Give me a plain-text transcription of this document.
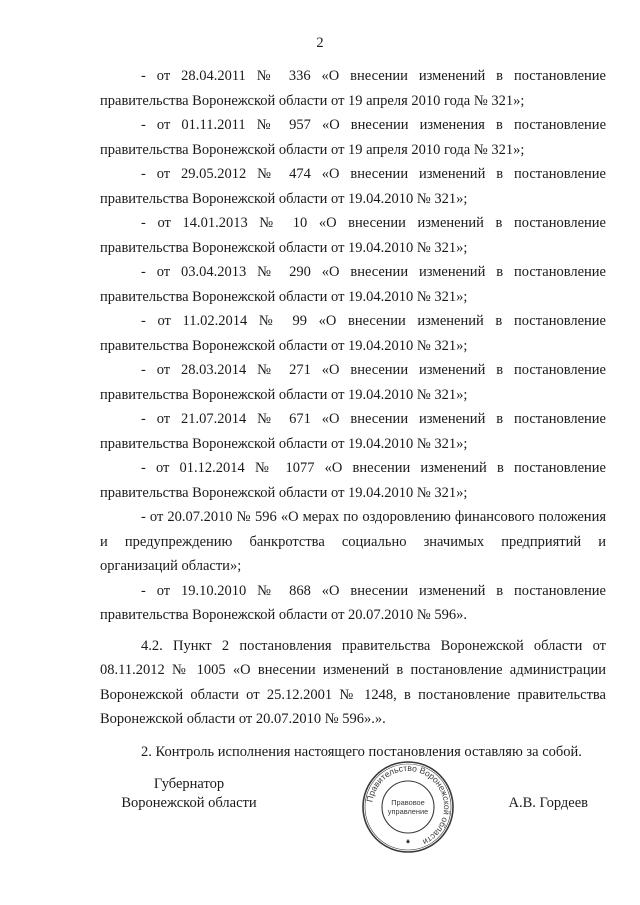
2

- от 28.04.2011 № 336 «О внесении изменений в постановление правительства Воронежской области от 19 апреля 2010 года № 321»;

- от 01.11.2011 № 957 «О внесении изменения в постановление правительства Воронежской области от 19 апреля 2010 года № 321»;

- от 29.05.2012 № 474 «О внесении изменений в постановление правительства Воронежской области от 19.04.2010 № 321»;

- от 14.01.2013 № 10 «О внесении изменений в постановление правительства Воронежской области от 19.04.2010 № 321»;

- от 03.04.2013 № 290 «О внесении изменений в постановление правительства Воронежской области от 19.04.2010 № 321»;

- от 11.02.2014 № 99 «О внесении изменений в постановление правительства Воронежской области от 19.04.2010 № 321»;

- от 28.03.2014 № 271 «О внесении изменений в постановление правительства Воронежской области от 19.04.2010 № 321»;

- от 21.07.2014 № 671 «О внесении изменений в постановление правительства Воронежской области от 19.04.2010 № 321»;

- от 01.12.2014 № 1077 «О внесении изменений в постановление правительства Воронежской области от 19.04.2010 № 321»;

- от 20.07.2010 № 596 «О мерах по оздоровлению финансового положения и предупреждению банкротства социально значимых предприятий и организаций области»;

- от 19.10.2010 № 868 «О внесении изменений в постановление правительства Воронежской области от 20.07.2010 № 596».

4.2. Пункт 2 постановления правительства Воронежской области от 08.11.2012 № 1005 «О внесении изменений в постановление администрации Воронежской области от 25.12.2001 № 1248, в постановление правительства Воронежской области от 20.07.2010 № 596».».

2. Контроль исполнения настоящего постановления оставляю за собой.

Губернатор
Воронежской области	Правительство Воронежской области
Правовое
управление
А.В. Гордеев
